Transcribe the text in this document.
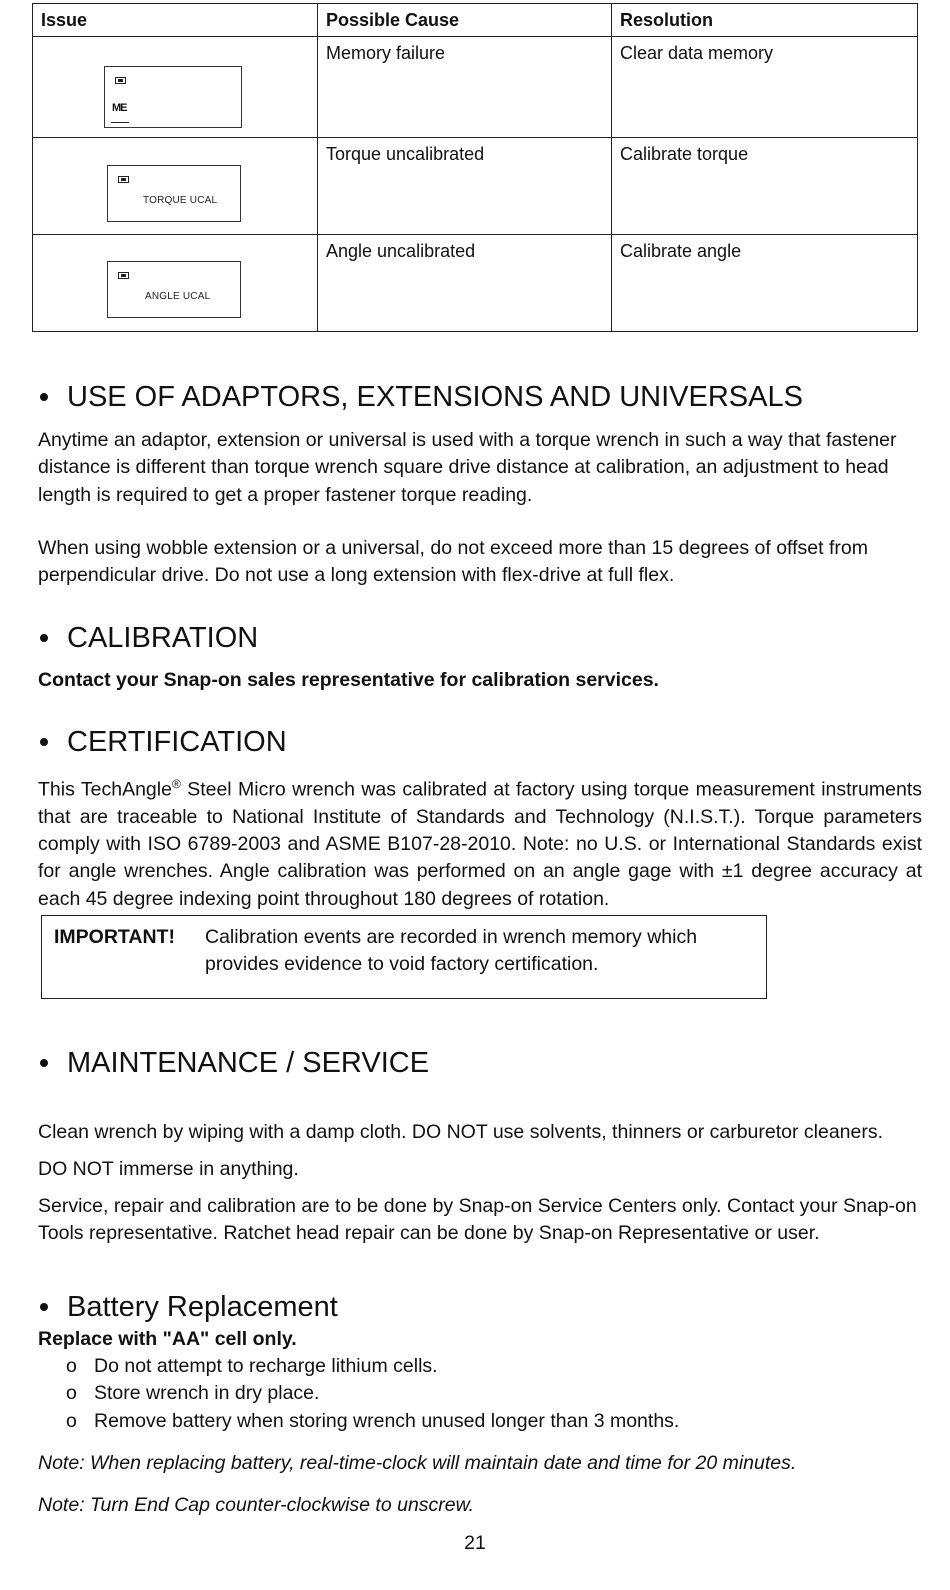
Issue	Possible Cause	Resolution

ME	Memory failure	Clear data memory

TORQUE UCAL	Torque uncalibrated	Calibrate torque

ANGLE UCAL	Angle uncalibrated	Calibrate angle
USE OF ADAPTORS, EXTENSIONS AND UNIVERSALS

Anytime an adaptor, extension or universal is used with a torque wrench in such a way that fastener distance is different than torque wrench square drive distance at calibration, an adjustment to head length is required to get a proper fastener torque reading.

When using wobble extension or a universal, do not exceed more than 15 degrees of offset from perpendicular drive. Do not use a long extension with flex-drive at full flex.

CALIBRATION

Contact your Snap-on sales representative for calibration services.

CERTIFICATION

This TechAngle® Steel Micro wrench was calibrated at factory using torque measurement instruments that are traceable to National Institute of Standards and Technology (N.I.S.T.). Torque parameters comply with ISO 6789-2003 and ASME B107-28-2010. Note: no U.S. or International Standards exist for angle wrenches. Angle calibration was performed on an angle gage with ±1 degree accuracy at each 45 degree indexing point throughout 180 degrees of rotation.

IMPORTANT! Calibration events are recorded in wrench memory which provides evidence to void factory certification.
MAINTENANCE / SERVICE

Clean wrench by wiping with a damp cloth. DO NOT use solvents, thinners or carburetor cleaners.

DO NOT immerse in anything.

Service, repair and calibration are to be done by Snap-on Service Centers only. Contact your Snap-on Tools representative. Ratchet head repair can be done by Snap-on Representative or user.

Battery Replacement

Replace with "AA" cell only.

o Do not attempt to recharge lithium cells.
o Store wrench in dry place.
o Remove battery when storing wrench unused longer than 3 months.

Note: When replacing battery, real-time-clock will maintain date and time for 20 minutes.

Note: Turn End Cap counter-clockwise to unscrew.

21
